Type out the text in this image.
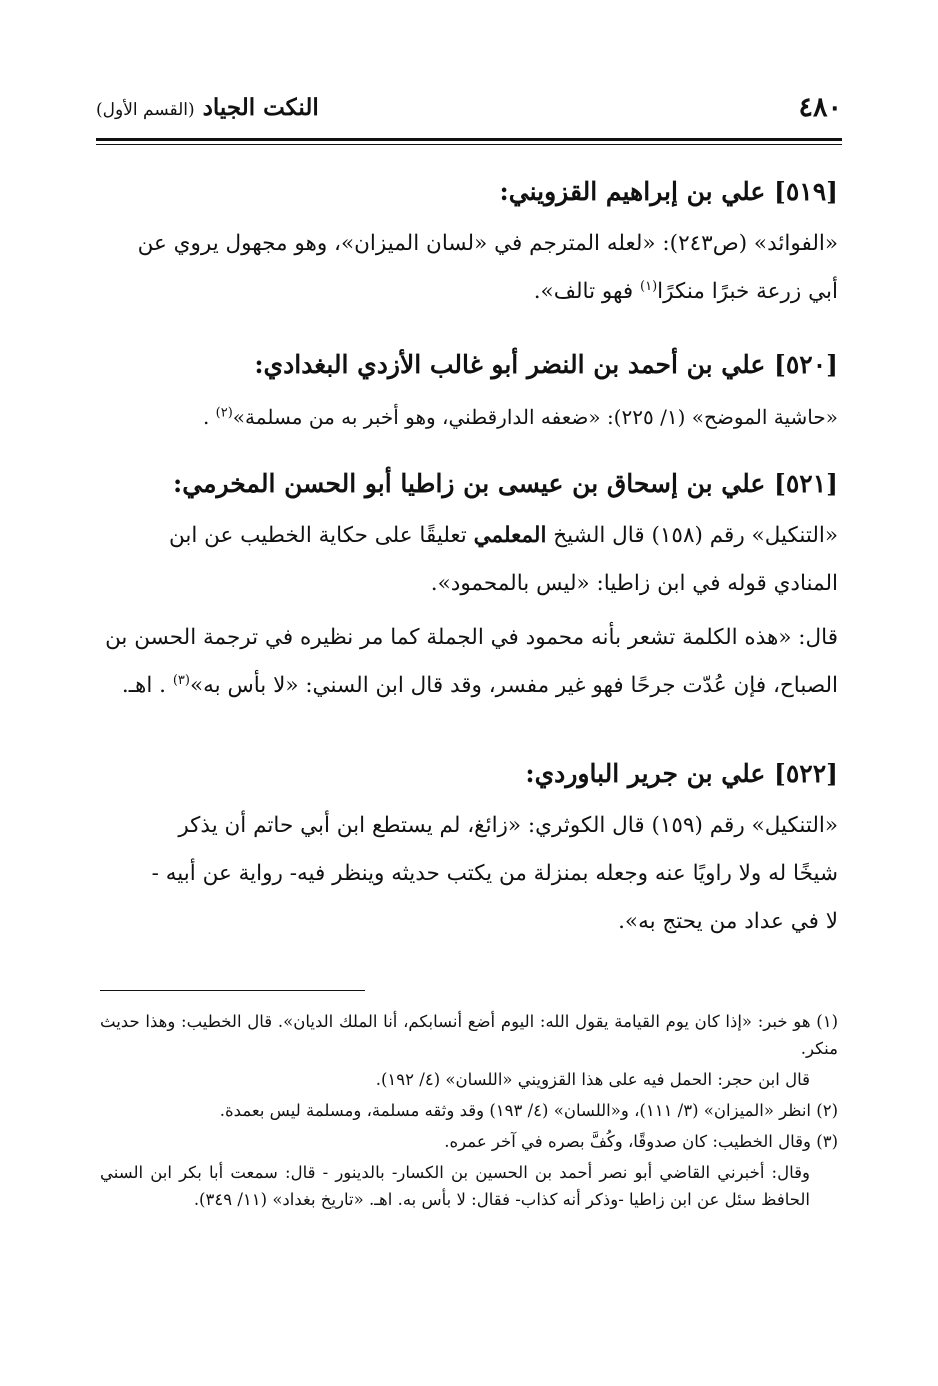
٤٨٠
النكت الجياد (القسم الأول)

[٥١٩] علي بن إبراهيم القزويني:

«الفوائد» (ص٢٤٣): «لعله المترجم في «لسان الميزان»، وهو مجهول يروي عن

أبي زرعة خبرًا منكرًا$^{(١)}$ فهو تالف».

[٥٢٠] علي بن أحمد بن النضر أبو غالب الأزدي البغدادي:

«حاشية الموضح» (١/ ٢٢٥): «ضعفه الدارقطني، وهو أخبر به من مسلمة»$^{(٢)}$ .

[٥٢١] علي بن إسحاق بن عيسى بن زاطيا أبو الحسن المخرمي:

«التنكيل» رقم (١٥٨) قال الشيخ المعلمي تعليقًا على حكاية الخطيب عن ابن

المنادي قوله في ابن زاطيا: «ليس بالمحمود».

قال: «هذه الكلمة تشعر بأنه محمود في الجملة كما مر نظيره في ترجمة الحسن بن

الصباح، فإن عُدّت جرحًا فهو غير مفسر، وقد قال ابن السني: «لا بأس به»$^{(٣)}$ . اهـ.

[٥٢٢] علي بن جرير الباوردي:

«التنكيل» رقم (١٥٩) قال الكوثري: «زائغ، لم يستطع ابن أبي حاتم أن يذكر

شيخًا له ولا راويًا عنه وجعله بمنزلة من يكتب حديثه وينظر فيه- رواية عن أبيه -

لا في عداد من يحتج به».

(١) هو خبر: «إذا كان يوم القيامة يقول الله: اليوم أضع أنسابكم، أنا الملك الديان». قال الخطيب: وهذا حديث منكر.

قال ابن حجر: الحمل فيه على هذا القزويني «اللسان» (٤/ ١٩٢).

(٢) انظر «الميزان» (٣/ ١١١)، و«اللسان» (٤/ ١٩٣) وقد وثقه مسلمة، ومسلمة ليس بعمدة.

(٣) وقال الخطيب: كان صدوقًا، وكُفَّ بصره في آخر عمره.

وقال: أخبرني القاضي أبو نصر أحمد بن الحسين بن الكسار- بالدينور - قال: سمعت أبا بكر ابن السني الحافظ سئل عن ابن زاطيا -وذكر أنه كذاب- فقال: لا بأس به. اهـ. «تاريخ بغداد» (١١/ ٣٤٩).
